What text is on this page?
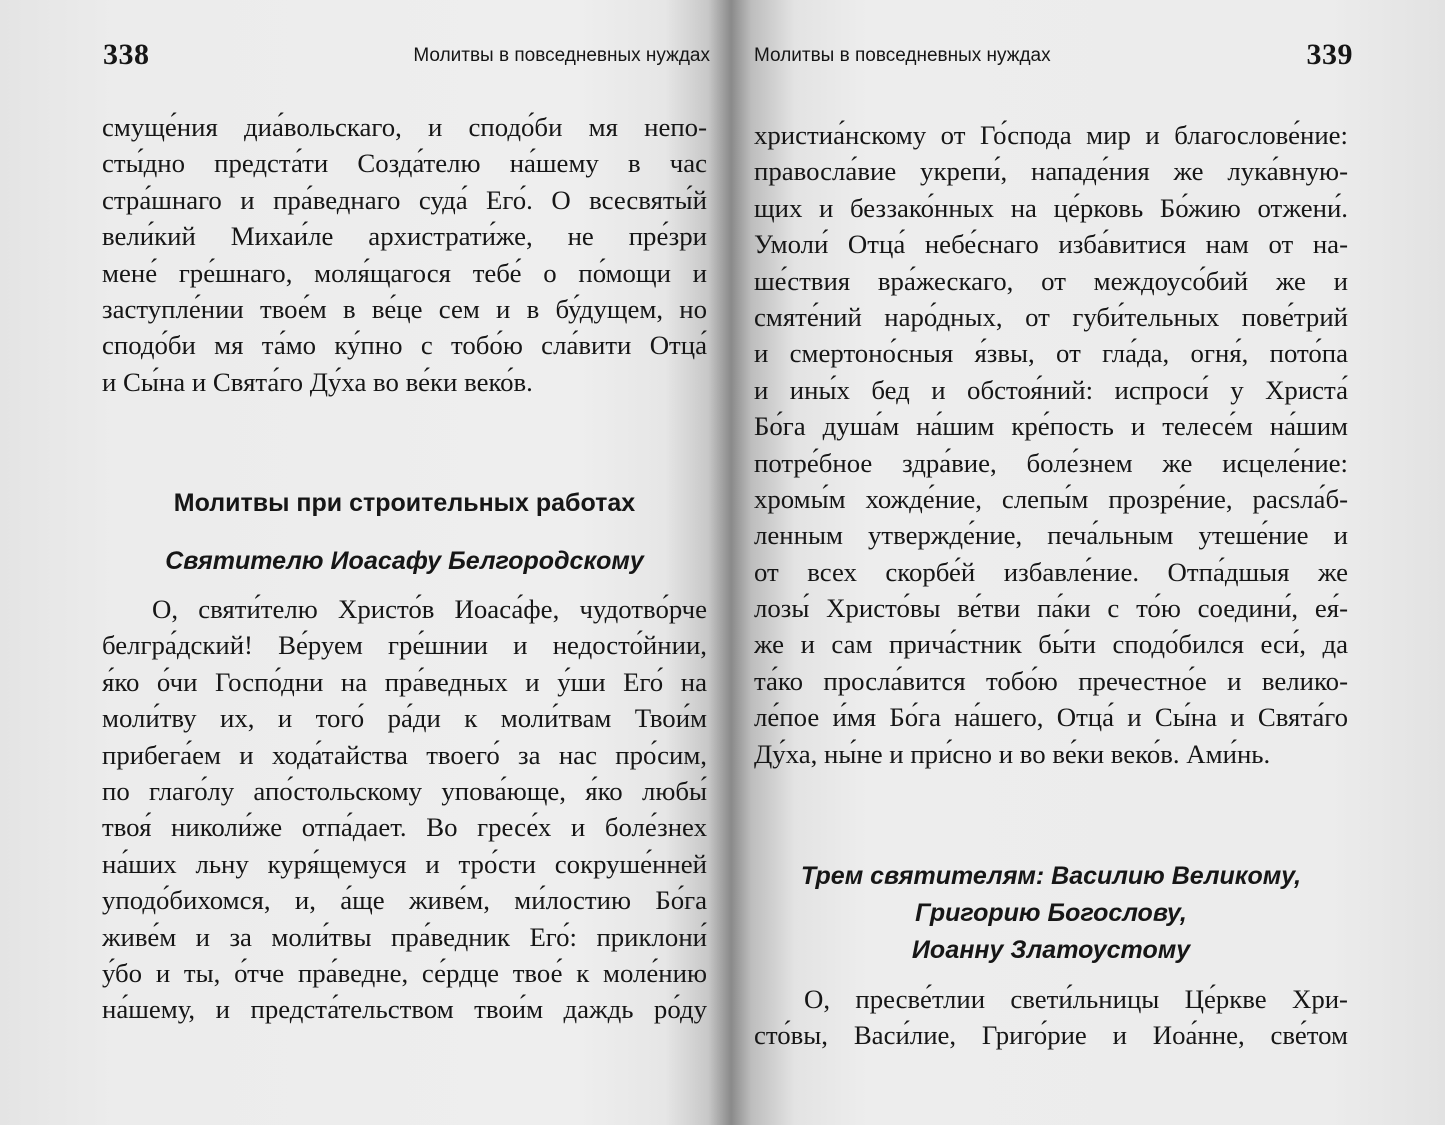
338	Молитвы в повседневных нуждах
смуще́ния диа́вольскаго, и сподо́би мя непо-
сты́дно предста́ти Созда́телю на́шему в час
стра́шнаго и пра́веднаго суда́ Его́. О всесвяты́й
вели́кий Михаи́ле архистрати́же, не пре́зри
мене́ гре́шнаго, моля́щагося тебе́ о по́мощи и
заступле́нии твое́м в ве́це сем и в бу́дущем, но
сподо́би мя та́мо ку́пно с тобо́ю сла́вити Отца́
и Сы́на и Свята́го Ду́ха во ве́ки веко́в.
Молитвы при строительных работах
Святителю Иоасафу Белгородскому
О, святи́телю Христо́в Иоаса́фе, чудотво́рче
белгра́дский! Ве́руем гре́шнии и недосто́йнии,
я́ко о́чи Госпо́дни на пра́ведных и у́ши Его́ на
моли́тву их, и того́ ра́ди к моли́твам Твои́м
прибега́ем и хода́тайства твоего́ за нас про́сим,
по глаго́лу апо́стольскому упова́юще, я́ко любы́
твоя́ николи́же отпа́дает. Во гресе́х и боле́знех
на́ших льну куря́щемуся и тро́сти сокруше́нней
уподо́бихомся, и, а́ще живе́м, ми́лостию Бо́га
живе́м и за моли́твы пра́ведник Его́: приклони́
у́бо и ты, о́тче пра́ведне, се́рдце твое́ к моле́нию
на́шему, и предста́тельством твои́м даждь ро́ду
Молитвы в повседневных нуждах	339
христиа́нскому от Го́спода мир и благослове́ние:
правосла́вие укрепи́, нападе́ния же лука́вную-
щих и беззако́нных на це́рковь Бо́жию отжени́.
Умоли́ Отца́ небе́снаго изба́витися нам от на-
ше́ствия вра́жескаго, от междоусо́бий же и
смяте́ний наро́дных, от губи́тельных пове́трий
и смертоно́сныя я́звы, от гла́да, огня́, пото́па
и ины́х бед и обстоя́ний: испроси́ у Христа́
Бо́га душа́м на́шим кре́пость и телесе́м на́шим
потре́бное здра́вие, боле́знем же исцеле́ние:
хромы́м хожде́ние, слепы́м прозре́ние, расsла́б-
ленным утвержде́ние, печа́льным утеше́ние и
от всех скорбе́й избавле́ние. Отпа́дшыя же
лозы́ Христо́вы ве́тви па́ки с то́ю соедини́, ея́-
же и сам прича́стник бы́ти сподо́бился еси́, да
та́ко просла́вится тобо́ю пречестно́е и велико-
ле́пое и́мя Бо́га на́шего, Отца́ и Сы́на и Свята́го
Ду́ха, ны́не и при́сно и во ве́ки веко́в. Ами́нь.
Трем святителям: Василию Великому,
Григорию Богослову,
Иоанну Златоустому
О, пресве́тлии свети́льницы Це́ркве Хри-
сто́вы, Васи́лие, Григо́рие и Иоа́нне, све́том
